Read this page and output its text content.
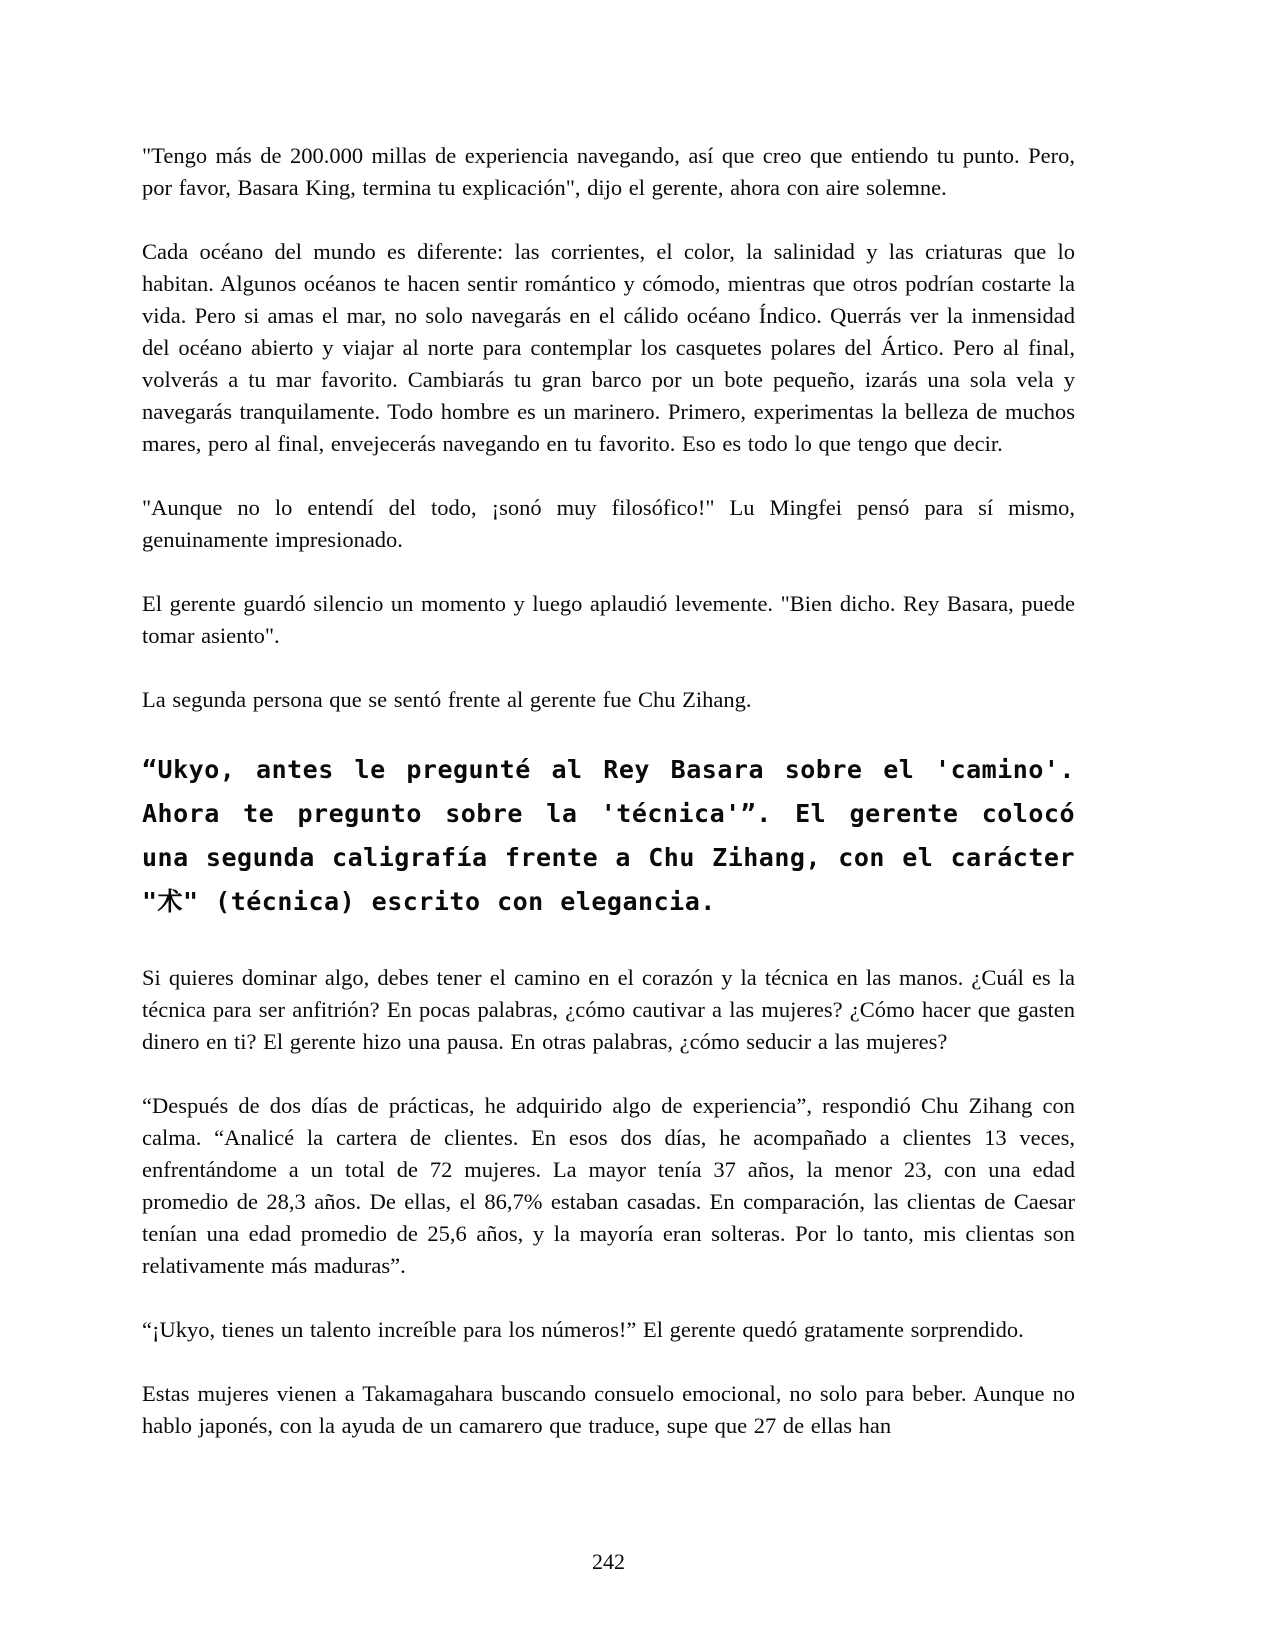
"Tengo más de 200.000 millas de experiencia navegando, así que creo que entiendo tu punto. Pero, por favor, Basara King, termina tu explicación", dijo el gerente, ahora con aire solemne.

Cada océano del mundo es diferente: las corrientes, el color, la salinidad y las criaturas que lo habitan. Algunos océanos te hacen sentir romántico y cómodo, mientras que otros podrían costarte la vida. Pero si amas el mar, no solo navegarás en el cálido océano Índico. Querrás ver la inmensidad del océano abierto y viajar al norte para contemplar los casquetes polares del Ártico. Pero al final, volverás a tu mar favorito. Cambiarás tu gran barco por un bote pequeño, izarás una sola vela y navegarás tranquilamente. Todo hombre es un marinero. Primero, experimentas la belleza de muchos mares, pero al final, envejecerás navegando en tu favorito. Eso es todo lo que tengo que decir.

"Aunque no lo entendí del todo, ¡sonó muy filosófico!" Lu Mingfei pensó para sí mismo, genuinamente impresionado.

El gerente guardó silencio un momento y luego aplaudió levemente. "Bien dicho. Rey Basara, puede tomar asiento".

La segunda persona que se sentó frente al gerente fue Chu Zihang.

“Ukyo, antes le pregunté al Rey Basara sobre el 'camino'. Ahora te pregunto sobre la 'técnica'”. El gerente colocó una segunda caligrafía frente a Chu Zihang, con el carácter "术" (técnica) escrito con elegancia.

Si quieres dominar algo, debes tener el camino en el corazón y la técnica en las manos. ¿Cuál es la técnica para ser anfitrión? En pocas palabras, ¿cómo cautivar a las mujeres? ¿Cómo hacer que gasten dinero en ti? El gerente hizo una pausa. En otras palabras, ¿cómo seducir a las mujeres?

“Después de dos días de prácticas, he adquirido algo de experiencia”, respondió Chu Zihang con calma. “Analicé la cartera de clientes. En esos dos días, he acompañado a clientes 13 veces, enfrentándome a un total de 72 mujeres. La mayor tenía 37 años, la menor 23, con una edad promedio de 28,3 años. De ellas, el 86,7% estaban casadas. En comparación, las clientas de Caesar tenían una edad promedio de 25,6 años, y la mayoría eran solteras. Por lo tanto, mis clientas son relativamente más maduras”.

“¡Ukyo, tienes un talento increíble para los números!” El gerente quedó gratamente sorprendido.

Estas mujeres vienen a Takamagahara buscando consuelo emocional, no solo para beber. Aunque no hablo japonés, con la ayuda de un camarero que traduce, supe que 27 de ellas han

242
